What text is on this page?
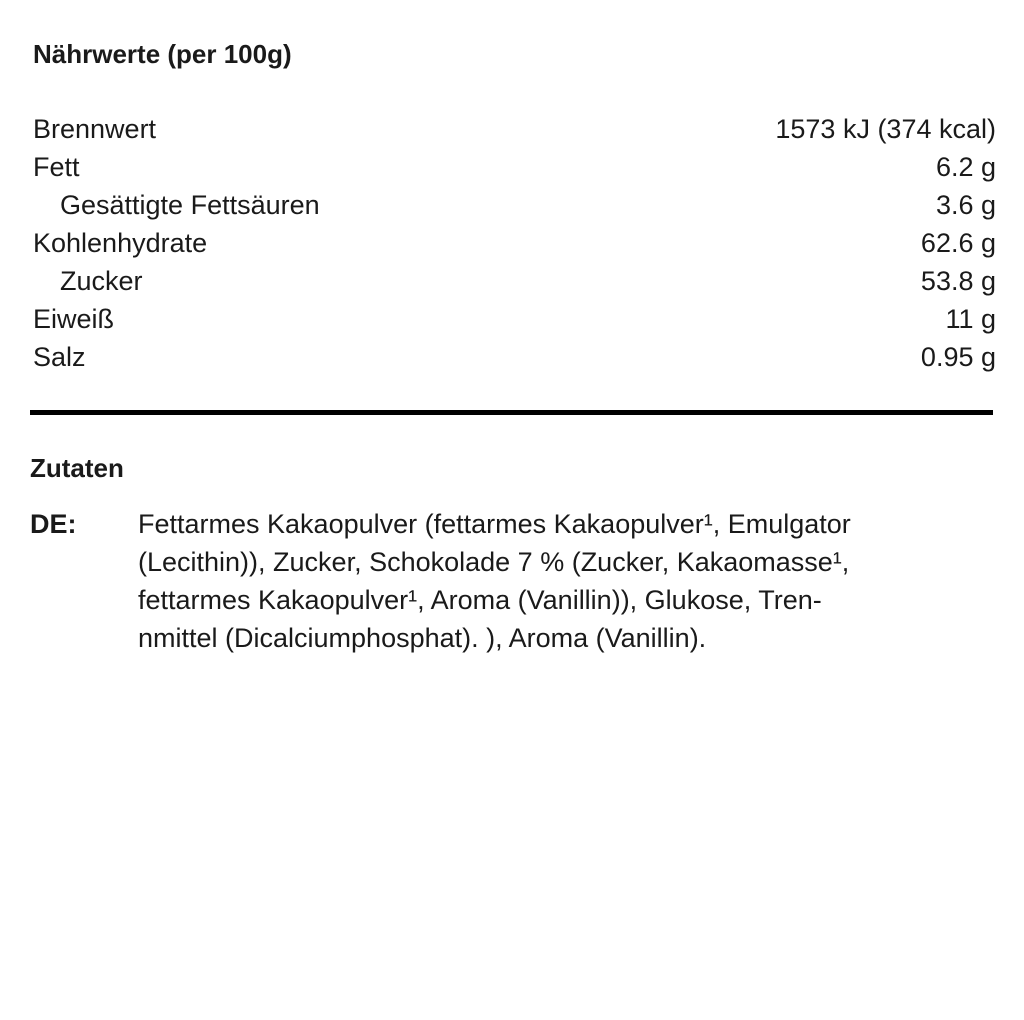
Nährwerte (per 100g)
Brennwert	1573 kJ (374 kcal)
Fett	6.2 g
Gesättigte Fettsäuren	3.6 g
Kohlenhydrate	62.6 g
Zucker	53.8 g
Eiweiß	11 g
Salz	0.95 g
Zutaten
DE:	Fettarmes Kakaopulver (fettarmes Kakaopulver¹, Emulgator
(Lecithin)), Zucker, Schokolade 7 % (Zucker, Kakaomasse¹,
fettarmes Kakaopulver¹, Aroma (Vanillin)), Glukose, Tren-
nmittel (Dicalciumphosphat). ), Aroma (Vanillin).
